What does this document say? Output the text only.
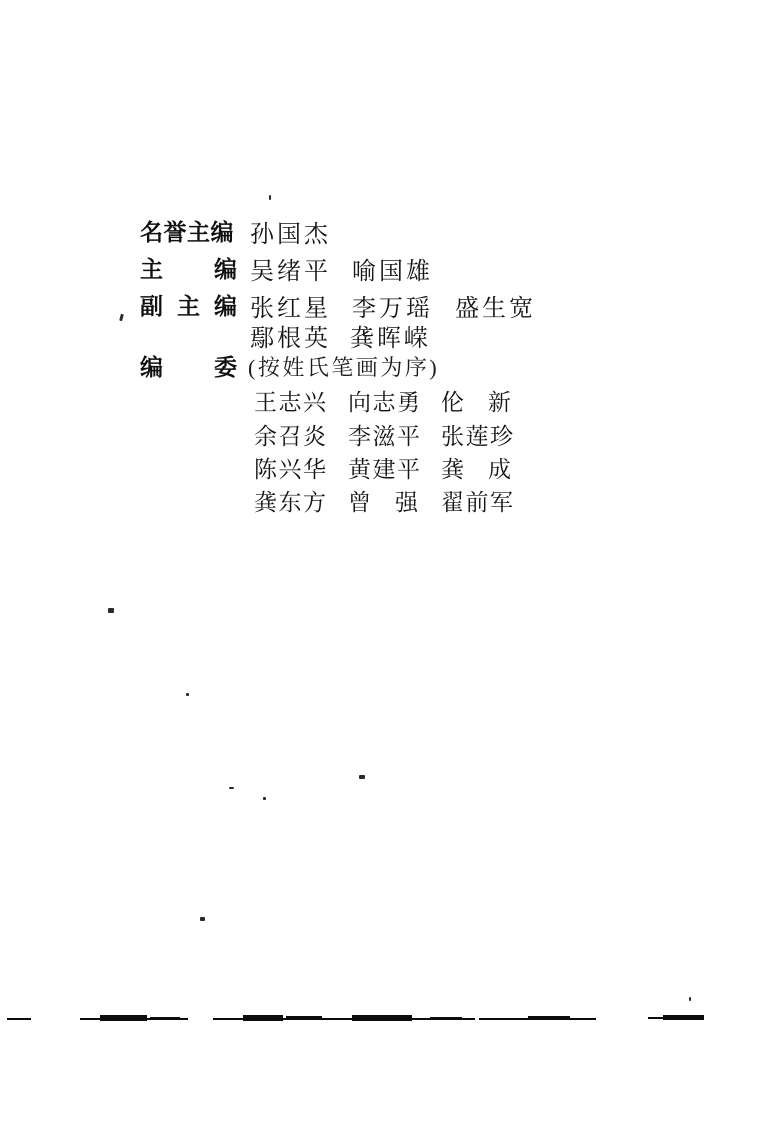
名誉主编 孙国杰
主 编 吴绪平 喻国雄
副 主 编 张红星 李万瑶 盛生宽
鄢根英 龚晖嵘
编 委 (按姓氏笔画为序)
王志兴 向志勇 伦 新
余召炎 李滋平 张莲珍
陈兴华 黄建平 龚 成
龚东方 曾 强 翟前军
